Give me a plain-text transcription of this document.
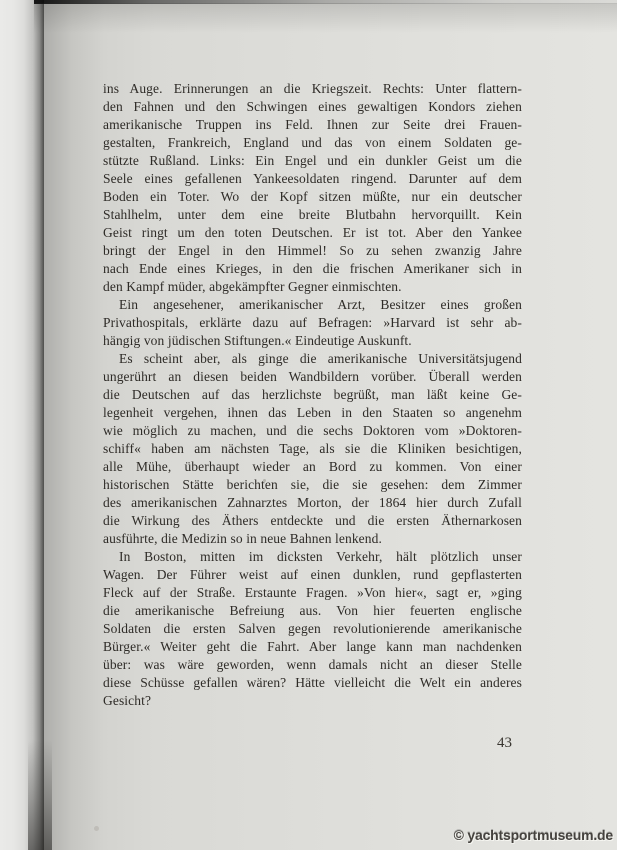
ins Auge. Erinnerungen an die Kriegszeit. Rechts: Unter flattern-
den Fahnen und den Schwingen eines gewaltigen Kondors ziehen
amerikanische Truppen ins Feld. Ihnen zur Seite drei Frauen-
gestalten, Frankreich, England und das von einem Soldaten ge-
stützte Rußland. Links: Ein Engel und ein dunkler Geist um die
Seele eines gefallenen Yankeesoldaten ringend. Darunter auf dem
Boden ein Toter. Wo der Kopf sitzen müßte, nur ein deutscher
Stahlhelm, unter dem eine breite Blutbahn hervorquillt. Kein
Geist ringt um den toten Deutschen. Er ist tot. Aber den Yankee
bringt der Engel in den Himmel! So zu sehen zwanzig Jahre
nach Ende eines Krieges, in den die frischen Amerikaner sich in
den Kampf müder, abgekämpfter Gegner einmischten.
Ein angesehener, amerikanischer Arzt, Besitzer eines großen
Privathospitals, erklärte dazu auf Befragen: »Harvard ist sehr ab-
hängig von jüdischen Stiftungen.« Eindeutige Auskunft.
Es scheint aber, als ginge die amerikanische Universitätsjugend
ungerührt an diesen beiden Wandbildern vorüber. Überall werden
die Deutschen auf das herzlichste begrüßt, man läßt keine Ge-
legenheit vergehen, ihnen das Leben in den Staaten so angenehm
wie möglich zu machen, und die sechs Doktoren vom »Doktoren-
schiff« haben am nächsten Tage, als sie die Kliniken besichtigen,
alle Mühe, überhaupt wieder an Bord zu kommen. Von einer
historischen Stätte berichten sie, die sie gesehen: dem Zimmer
des amerikanischen Zahnarztes Morton, der 1864 hier durch Zufall
die Wirkung des Äthers entdeckte und die ersten Äthernarkosen
ausführte, die Medizin so in neue Bahnen lenkend.
In Boston, mitten im dicksten Verkehr, hält plötzlich unser
Wagen. Der Führer weist auf einen dunklen, rund gepflasterten
Fleck auf der Straße. Erstaunte Fragen. »Von hier«, sagt er, »ging
die amerikanische Befreiung aus. Von hier feuerten englische
Soldaten die ersten Salven gegen revolutionierende amerikanische
Bürger.« Weiter geht die Fahrt. Aber lange kann man nachdenken
über: was wäre geworden, wenn damals nicht an dieser Stelle
diese Schüsse gefallen wären? Hätte vielleicht die Welt ein anderes
Gesicht?
43
© yachtsportmuseum.de
